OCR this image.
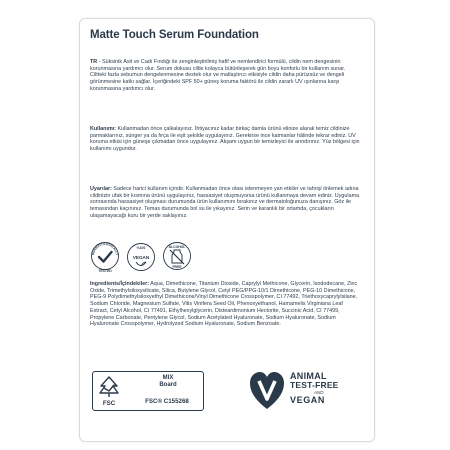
Matte Touch Serum Foundation
TR - Süksinik Asit ve Cadı Fındığı ile zenginleştirilmiş hafif ve nemlendirici formülü, cildin nem dengesinin korunmasına yardımcı olur. Serum dokusu ciltle kolayca bütünleşerek gün boyu konforlu bir kullanım sunar. Ciltteki fazla sebumun dengelenmesine destek olur ve matlaştırıcı etkisiyle cildin daha pürüzsüz ve dengeli görünmesine katkı sağlar. İçeriğindeki SPF 50+ güneş koruma faktörü ile cildin zararlı UV ışınlarına karşı korunmasına yardımcı olur.
Kullanımı: Kullanmadan önce çalkalayınız. İhtiyacınız kadar birkaç damla ürünü elinize alarak temiz cildinize parmaklarınız, sünger ya da fırça ile eşit şekilde uygulayınız. Gerekirse ince katmanlar hâlinde tekrar ediniz. UV koruma etkisi için güneşe çıkmadan önce uygulayınız. Akşam uygun bir temizleyici ile arındırınız. Yüz bölgesi için kullanımı uygundur.
Uyarılar: Sadece harici kullanım içindir. Kullanmadan önce olası istenmeyen yan etkiler ve tahrişi önlemek adına cildinizin ufak bir kısmına ürünü uygulayınız, hassasiyet oluşmuyorsa ürünü kullanmaya devam ediniz. Uygulama sonrasında hassasiyet oluşması durumunda ürün kullanımını bırakınız ve dermatoloğunuza danışınız. Göz ile temasından kaçınınız. Temas durumunda bol su ile yıkayınız. Serin ve karanlık bir ortamda, çocukların ulaşamayacağı kuru bir yerde saklayınız.
DERMATOLOGICALLY
TESTED
%100
VEGAN
ALCOHOL
FREE
Ingredients/İçindekiler: Aqua, Dimethicone, Titanium Dioxide, Caprylyl Methicone, Glycerin, Isododecane, Zinc Oxide, Trimethylsiloxysilicate, Silica, Butylene Glycol, Cetyl PEG/PPG-10/1 Dimethicone, PEG-10 Dimethicone, PEG-9 Polydimethylsiloxyethyl Dimethicone/Vinyl Dimethicone Crosspolymer, CI 77492, Triethoxycaprylylsilane, Sodium Chloride, Magnesium Sulfate, Vitis Vinifera Seed Oil, Phenoxyethanol, Hamamelis Virginiana Leaf Extract, Cetyl Alcohol, CI 77491, Ethylhexylglycerin, Disteardimonium Hectorite, Succinic Acid, CI 77499, Propylene Carbonate, Pentylene Glycol, Sodium Acetylated Hyaluronate, Sodium Hyaluronate, Sodium Hyaluronate Crosspolymer, Hydrolyzed Sodium Hyaluronate, Sodium Benzoate.
FSC
MIX
Board
FSC® C155268
ANIMAL
TEST-FREE
AND
VEGAN
